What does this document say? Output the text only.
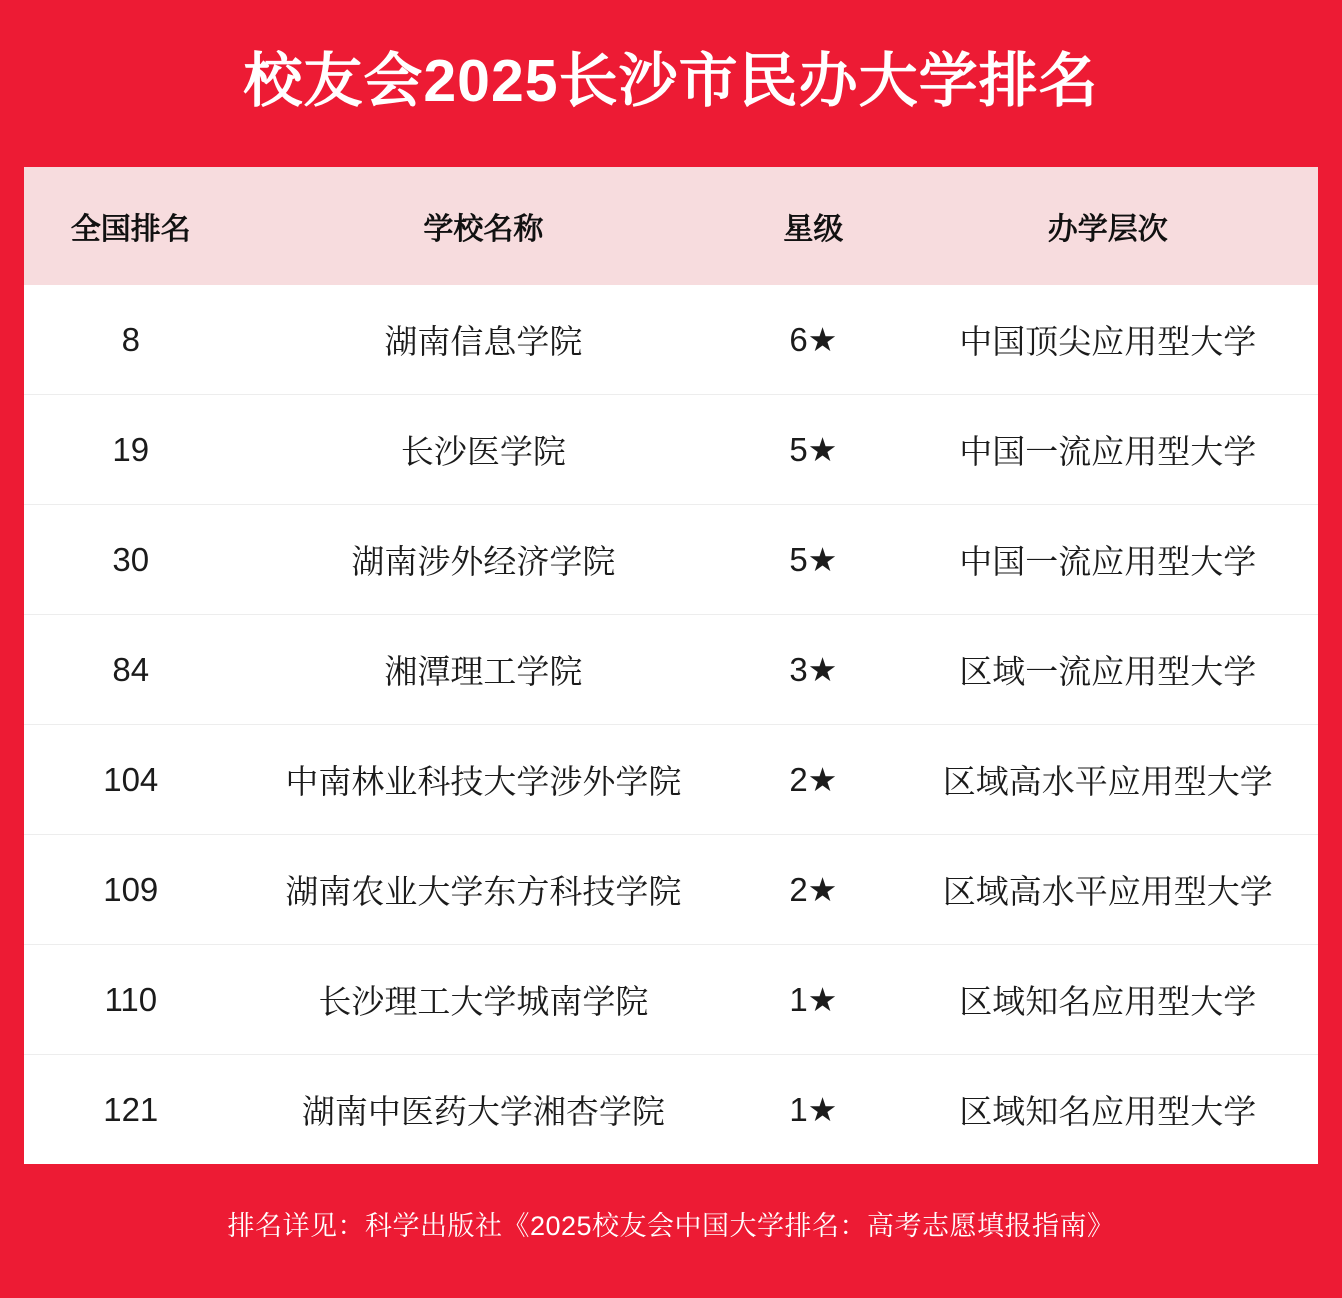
校友会2025长沙市民办大学排名
全国排名	学校名称	星级	办学层次
8	湖南信息学院	6★	中国顶尖应用型大学
19	长沙医学院	5★	中国一流应用型大学
30	湖南涉外经济学院	5★	中国一流应用型大学
84	湘潭理工学院	3★	区域一流应用型大学
104	中南林业科技大学涉外学院	2★	区域高水平应用型大学
109	湖南农业大学东方科技学院	2★	区域高水平应用型大学
110	长沙理工大学城南学院	1★	区域知名应用型大学
121	湖南中医药大学湘杏学院	1★	区域知名应用型大学
排名详见：科学出版社《2025校友会中国大学排名：高考志愿填报指南》
